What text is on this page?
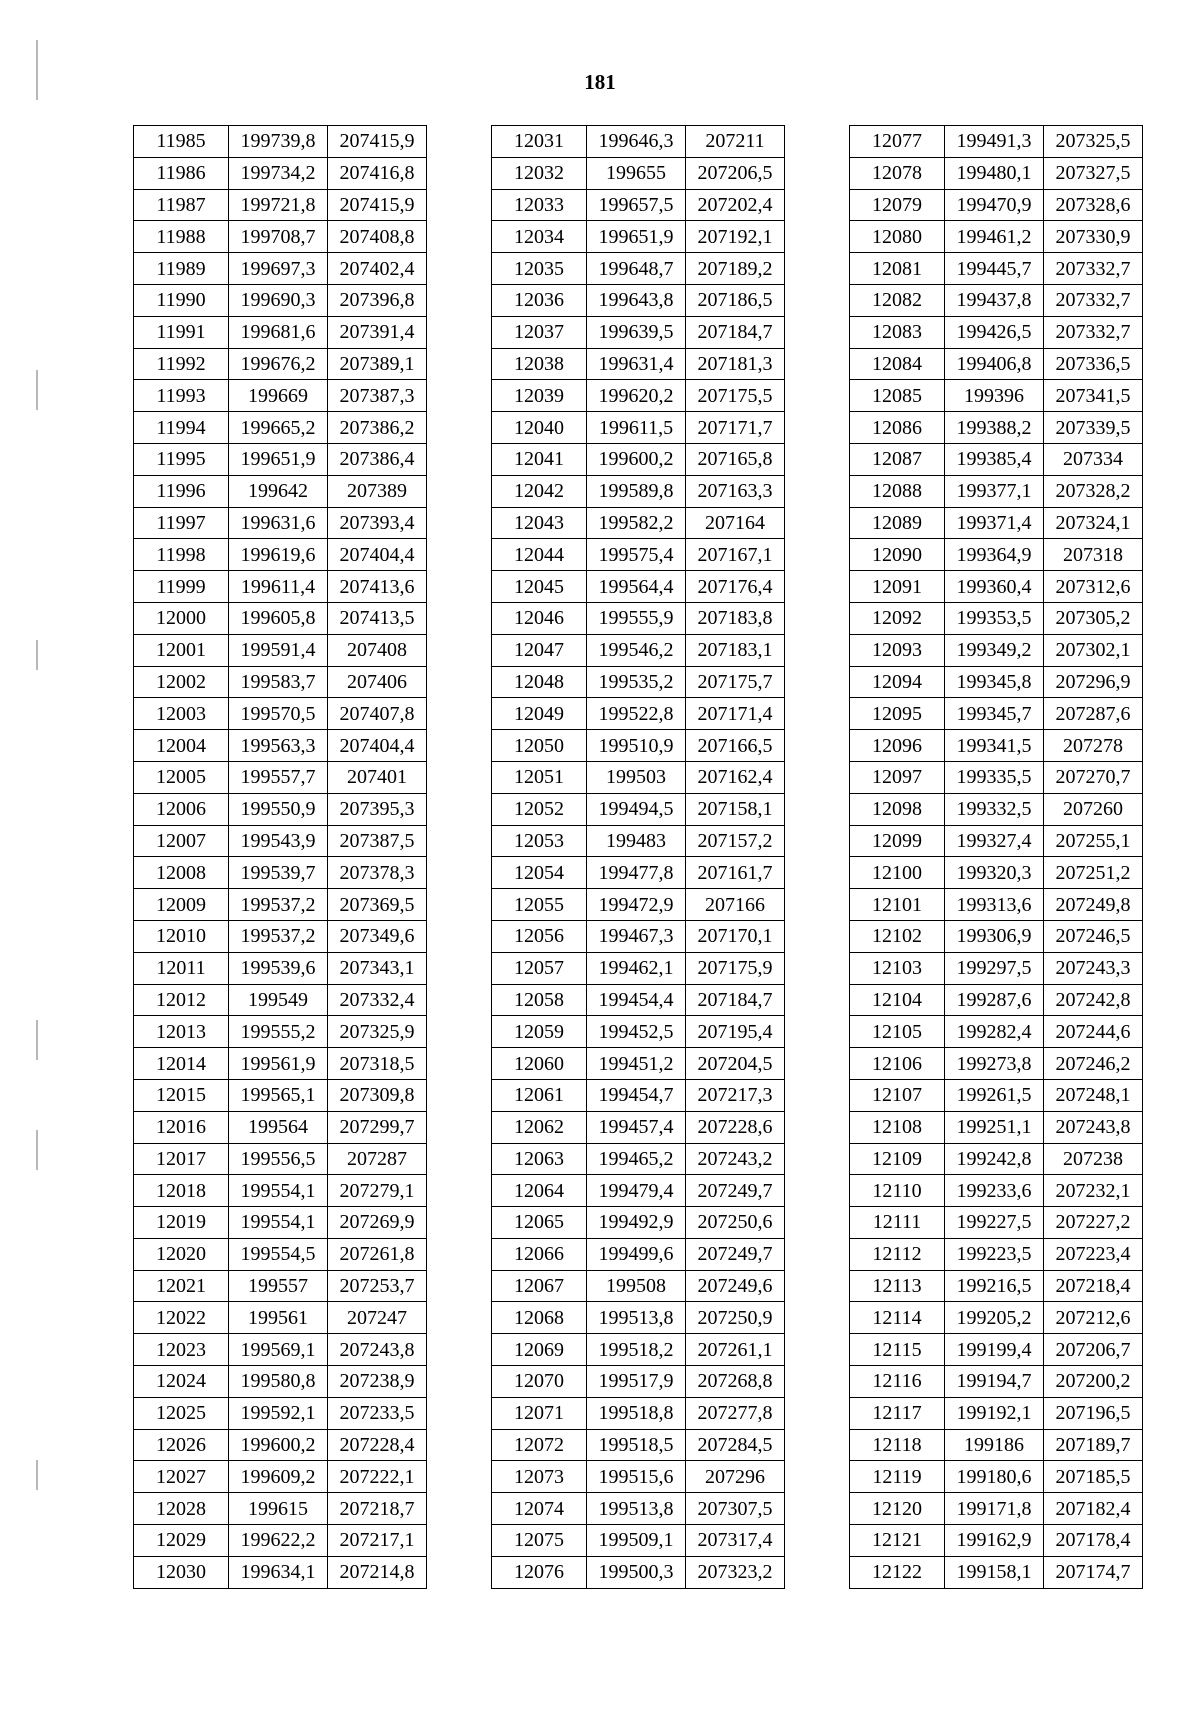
181
11985	199739,8	207415,9
11986	199734,2	207416,8
11987	199721,8	207415,9
11988	199708,7	207408,8
11989	199697,3	207402,4
11990	199690,3	207396,8
11991	199681,6	207391,4
11992	199676,2	207389,1
11993	199669	207387,3
11994	199665,2	207386,2
11995	199651,9	207386,4
11996	199642	207389
11997	199631,6	207393,4
11998	199619,6	207404,4
11999	199611,4	207413,6
12000	199605,8	207413,5
12001	199591,4	207408
12002	199583,7	207406
12003	199570,5	207407,8
12004	199563,3	207404,4
12005	199557,7	207401
12006	199550,9	207395,3
12007	199543,9	207387,5
12008	199539,7	207378,3
12009	199537,2	207369,5
12010	199537,2	207349,6
12011	199539,6	207343,1
12012	199549	207332,4
12013	199555,2	207325,9
12014	199561,9	207318,5
12015	199565,1	207309,8
12016	199564	207299,7
12017	199556,5	207287
12018	199554,1	207279,1
12019	199554,1	207269,9
12020	199554,5	207261,8
12021	199557	207253,7
12022	199561	207247
12023	199569,1	207243,8
12024	199580,8	207238,9
12025	199592,1	207233,5
12026	199600,2	207228,4
12027	199609,2	207222,1
12028	199615	207218,7
12029	199622,2	207217,1
12030	199634,1	207214,8
12031	199646,3	207211
12032	199655	207206,5
12033	199657,5	207202,4
12034	199651,9	207192,1
12035	199648,7	207189,2
12036	199643,8	207186,5
12037	199639,5	207184,7
12038	199631,4	207181,3
12039	199620,2	207175,5
12040	199611,5	207171,7
12041	199600,2	207165,8
12042	199589,8	207163,3
12043	199582,2	207164
12044	199575,4	207167,1
12045	199564,4	207176,4
12046	199555,9	207183,8
12047	199546,2	207183,1
12048	199535,2	207175,7
12049	199522,8	207171,4
12050	199510,9	207166,5
12051	199503	207162,4
12052	199494,5	207158,1
12053	199483	207157,2
12054	199477,8	207161,7
12055	199472,9	207166
12056	199467,3	207170,1
12057	199462,1	207175,9
12058	199454,4	207184,7
12059	199452,5	207195,4
12060	199451,2	207204,5
12061	199454,7	207217,3
12062	199457,4	207228,6
12063	199465,2	207243,2
12064	199479,4	207249,7
12065	199492,9	207250,6
12066	199499,6	207249,7
12067	199508	207249,6
12068	199513,8	207250,9
12069	199518,2	207261,1
12070	199517,9	207268,8
12071	199518,8	207277,8
12072	199518,5	207284,5
12073	199515,6	207296
12074	199513,8	207307,5
12075	199509,1	207317,4
12076	199500,3	207323,2
12077	199491,3	207325,5
12078	199480,1	207327,5
12079	199470,9	207328,6
12080	199461,2	207330,9
12081	199445,7	207332,7
12082	199437,8	207332,7
12083	199426,5	207332,7
12084	199406,8	207336,5
12085	199396	207341,5
12086	199388,2	207339,5
12087	199385,4	207334
12088	199377,1	207328,2
12089	199371,4	207324,1
12090	199364,9	207318
12091	199360,4	207312,6
12092	199353,5	207305,2
12093	199349,2	207302,1
12094	199345,8	207296,9
12095	199345,7	207287,6
12096	199341,5	207278
12097	199335,5	207270,7
12098	199332,5	207260
12099	199327,4	207255,1
12100	199320,3	207251,2
12101	199313,6	207249,8
12102	199306,9	207246,5
12103	199297,5	207243,3
12104	199287,6	207242,8
12105	199282,4	207244,6
12106	199273,8	207246,2
12107	199261,5	207248,1
12108	199251,1	207243,8
12109	199242,8	207238
12110	199233,6	207232,1
12111	199227,5	207227,2
12112	199223,5	207223,4
12113	199216,5	207218,4
12114	199205,2	207212,6
12115	199199,4	207206,7
12116	199194,7	207200,2
12117	199192,1	207196,5
12118	199186	207189,7
12119	199180,6	207185,5
12120	199171,8	207182,4
12121	199162,9	207178,4
12122	199158,1	207174,7
